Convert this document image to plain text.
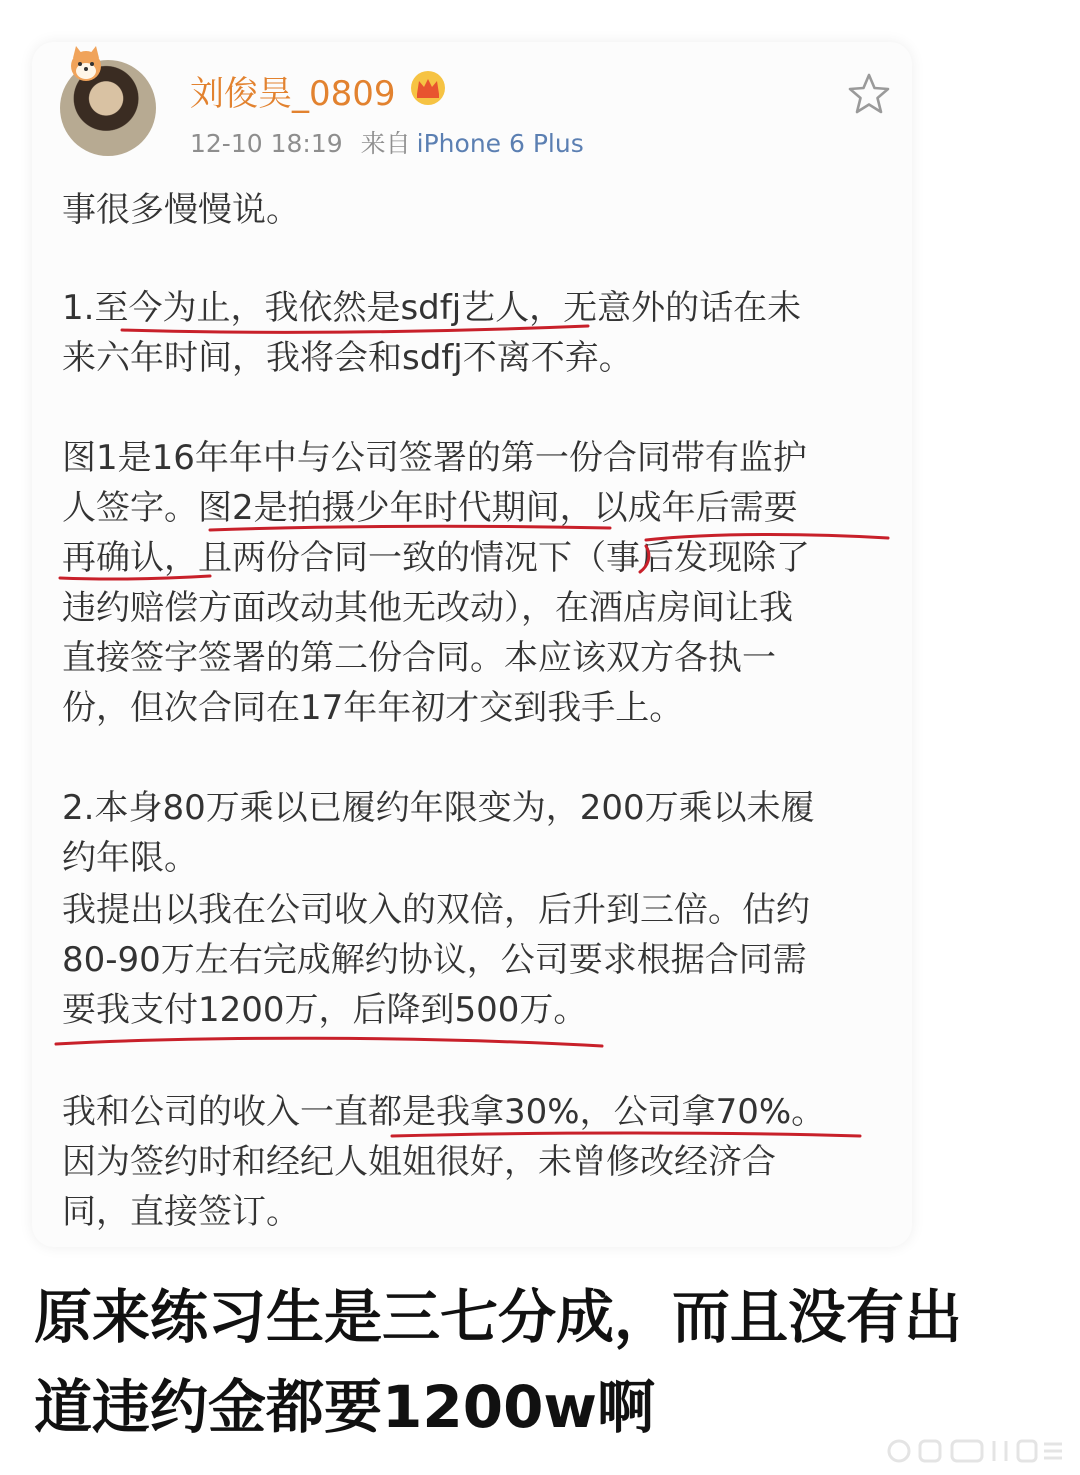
刘俊昊_0809
12-10 18:19 来自 iPhone 6 Plus
事很多慢慢说。
1.至今为止，我依然是sdfj艺人，无意外的话在未
来六年时间，我将会和sdfj不离不弃。
图1是16年年中与公司签署的第一份合同带有监护
人签字。图2是拍摄少年时代期间，以成年后需要
再确认，且两份合同一致的情况下（事后发现除了
违约赔偿方面改动其他无改动），在酒店房间让我
直接签字签署的第二份合同。本应该双方各执一
份，但次合同在17年年初才交到我手上。
2.本身80万乘以已履约年限变为，200万乘以未履
约年限。
我提出以我在公司收入的双倍，后升到三倍。估约
80-90万左右完成解约协议，公司要求根据合同需
要我支付1200万，后降到500万。
我和公司的收入一直都是我拿30%，公司拿70%。
因为签约时和经纪人姐姐很好，未曾修改经济合
同，直接签订。
原来练习生是三七分成，而且没有出
道违约金都要1200w啊
